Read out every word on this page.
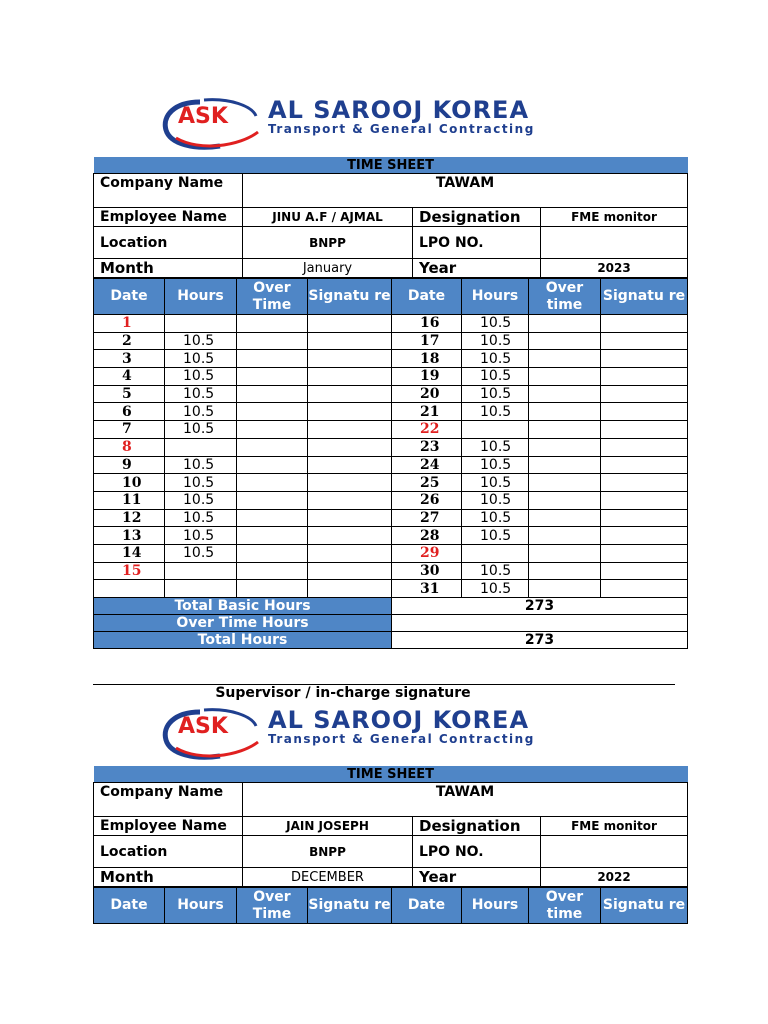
ASK AL SAROOJ KOREA
Transport & General Contracting
TIME SHEET			
Company Name	TAWAM		
Employee Name	JINU A.F / AJMAL	Designation	FME monitor
Location	BNPP	LPO NO.	
Month	January	Year	2023
Date	Hours	Over Time	Signatu re	Date	Hours	Over time	Signatu re
1				16	10.5		
2	10.5			17	10.5		
3	10.5			18	10.5		
4	10.5			19	10.5		
5	10.5			20	10.5		
6	10.5			21	10.5		
7	10.5			22			
8				23	10.5		
9	10.5			24	10.5		
10	10.5			25	10.5		
11	10.5			26	10.5		
12	10.5			27	10.5		
13	10.5			28	10.5		
14	10.5			29			
15				30	10.5		
				31	10.5		
Total Basic Hours				273			
Over Time Hours							
Total Hours				273			
Supervisor / in-charge signature
ASK AL SAROOJ KOREA
Transport & General Contracting
TIME SHEET			
Company Name	TAWAM		
Employee Name	JAIN JOSEPH	Designation	FME monitor
Location	BNPP	LPO NO.	
Month	DECEMBER	Year	2022
Date	Hours	Over Time	Signatu re	Date	Hours	Over time	Signatu re
